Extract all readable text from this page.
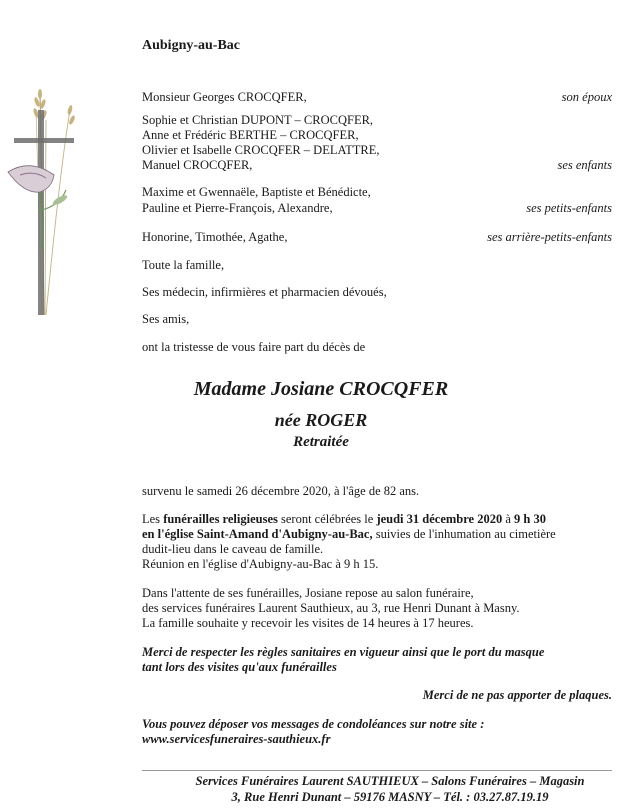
Aubigny-au-Bac
Monsieur Georges CROCQFER,	son époux
Sophie et Christian DUPONT – CROCQFER,
Anne et Frédéric BERTHE – CROCQFER,
Olivier et Isabelle CROCQFER – DELATTRE,
Manuel CROCQFER,	ses enfants
Maxime et Gwennaële, Baptiste et Bénédicte,
Pauline et Pierre-François, Alexandre,	ses petits-enfants
Honorine, Timothée, Agathe,	ses arrière-petits-enfants
Toute la famille,
Ses médecin, infirmières et pharmacien dévoués,
Ses amis,
ont la tristesse de vous faire part du décès de
Madame Josiane CROCQFER
née ROGER
Retraitée
survenu le samedi 26 décembre 2020, à l'âge de 82 ans.
Les funérailles religieuses seront célébrées le jeudi 31 décembre 2020 à 9 h 30
en l'église Saint-Amand d'Aubigny-au-Bac, suivies de l'inhumation au cimetière
dudit-lieu dans le caveau de famille.
Réunion en l'église d'Aubigny-au-Bac à 9 h 15.
Dans l'attente de ses funérailles, Josiane repose au salon funéraire,
des services funéraires Laurent Sauthieux, au 3, rue Henri Dunant à Masny.
La famille souhaite y recevoir les visites de 14 heures à 17 heures.
Merci de respecter les règles sanitaires en vigueur ainsi que le port du masque
tant lors des visites qu'aux funérailles
Merci de ne pas apporter de plaques.
Vous pouvez déposer vos messages de condoléances sur notre site :
www.servicesfuneraires-sauthieux.fr
Services Funéraires Laurent SAUTHIEUX – Salons Funéraires – Magasin
3, Rue Henri Dunant – 59176 MASNY – Tél. : 03.27.87.19.19
